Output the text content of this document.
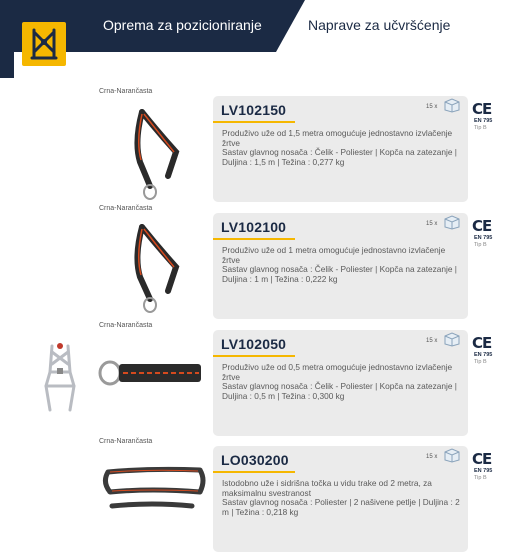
Oprema za pozicioniranje	Naprave za učvršćenje
Crna-Narančasta
LV102150	15 x
Produživo uže od 1,5 metra omogućuje jednostavno izvlačenje žrtve
Sastav glavnog nosača : Čelik - Poliester | Kopča na zatezanje | Duljina : 1,5 m | Težina : 0,277 kg
CE
EN 795
Tip B
Crna-Narančasta
LV102100	15 x
Produživo uže od 1 metra omogućuje jednostavno izvlačenje žrtve
Sastav glavnog nosača : Čelik - Poliester | Kopča na zatezanje | Duljina : 1 m | Težina : 0,222 kg
CE
EN 795
Tip B
Crna-Narančasta
LV102050	15 x
Produživo uže od 0,5 metra omogućuje jednostavno izvlačenje žrtve
Sastav glavnog nosača : Čelik - Poliester | Kopča na zatezanje | Duljina : 0,5 m | Težina : 0,300 kg
CE
EN 795
Tip B
Crna-Narančasta
LO030200	15 x
Istodobno uže i sidrišna točka u vidu trake od 2 metra, za maksimalnu svestranost
Sastav glavnog nosača : Poliester | 2 našivene petlje | Duljina : 2 m | Težina : 0,218 kg
CE
EN 795
Tip B
